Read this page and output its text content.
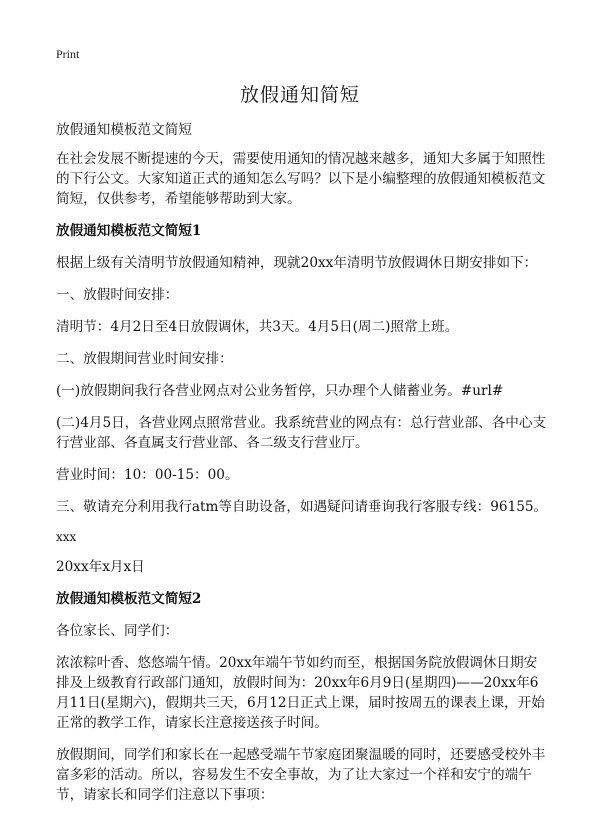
Print
放假通知简短

放假通知模板范文简短

在社会发展不断提速的今天，需要使用通知的情况越来越多，通知大多属于知照性的下行公文。大家知道正式的通知怎么写吗？以下是小编整理的放假通知模板范文简短，仅供参考，希望能够帮助到大家。

放假通知模板范文简短1

根据上级有关清明节放假通知精神，现就20xx年清明节放假调休日期安排如下：

一、放假时间安排：

清明节：4月2日至4日放假调休，共3天。4月5日(周二)照常上班。

二、放假期间营业时间安排：

(一)放假期间我行各营业网点对公业务暂停，只办理个人储蓄业务。#url#

(二)4月5日，各营业网点照常营业。我系统营业的网点有：总行营业部、各中心支行营业部、各直属支行营业部、各二级支行营业厅。

营业时间：10：00-15：00。

三、敬请充分利用我行atm等自助设备，如遇疑问请垂询我行客服专线：96155。

xxx

20xx年x月x日

放假通知模板范文简短2

各位家长、同学们：

浓浓粽叶香、悠悠端午情。20xx年端午节如约而至，根据国务院放假调休日期安排及上级教育行政部门通知，放假时间为：20xx年6月9日(星期四)——20xx年6月11日(星期六)，假期共三天，6月12日正式上课，届时按周五的课表上课，开始正常的教学工作，请家长注意接送孩子时间。

放假期间，同学们和家长在一起感受端午节家庭团聚温暖的同时，还要感受校外丰富多彩的活动。所以，容易发生不安全事故，为了让大家过一个祥和安宁的端午节，请家长和同学们注意以下事项：
